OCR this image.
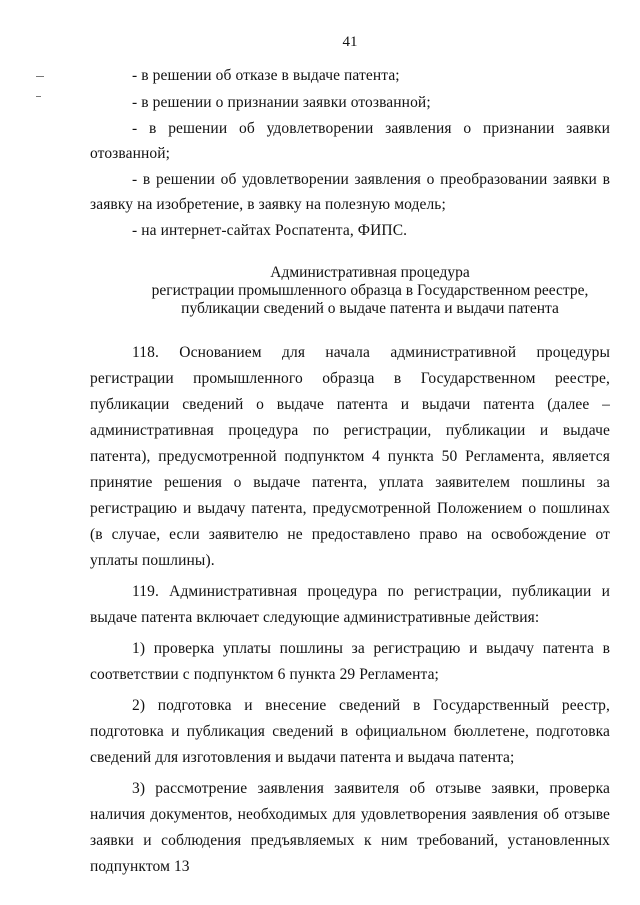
41

- в решении об отказе в выдаче патента;

- в решении о признании заявки отозванной;

- в решении об удовлетворении заявления о признании заявки отозванной;

- в решении об удовлетворении заявления о преобразовании заявки в заявку на изобретение, в заявку на полезную модель;

- на интернет-сайтах Роспатента, ФИПС.

Административная процедура
регистрации промышленного образца в Государственном реестре,
публикации сведений о выдаче патента и выдачи патента

118. Основанием для начала административной процедуры регистрации промышленного образца в Государственном реестре, публикации сведений о выдаче патента и выдачи патента (далее – административная процедура по регистрации, публикации и выдаче патента), предусмотренной подпунктом 4 пункта 50 Регламента, является принятие решения о выдаче патента, уплата заявителем пошлины за регистрацию и выдачу патента, предусмотренной Положением о пошлинах (в случае, если заявителю не предоставлено право на освобождение от уплаты пошлины).

119. Административная процедура по регистрации, публикации и выдаче патента включает следующие административные действия:

1) проверка уплаты пошлины за регистрацию и выдачу патента в соответствии с подпунктом 6 пункта 29 Регламента;

2) подготовка и внесение сведений в Государственный реестр, подготовка и публикация сведений в официальном бюллетене, подготовка сведений для изготовления и выдачи патента и выдача патента;

3) рассмотрение заявления заявителя об отзыве заявки, проверка наличия документов, необходимых для удовлетворения заявления об отзыве заявки и соблюдения предъявляемых к ним требований, установленных подпунктом 13
